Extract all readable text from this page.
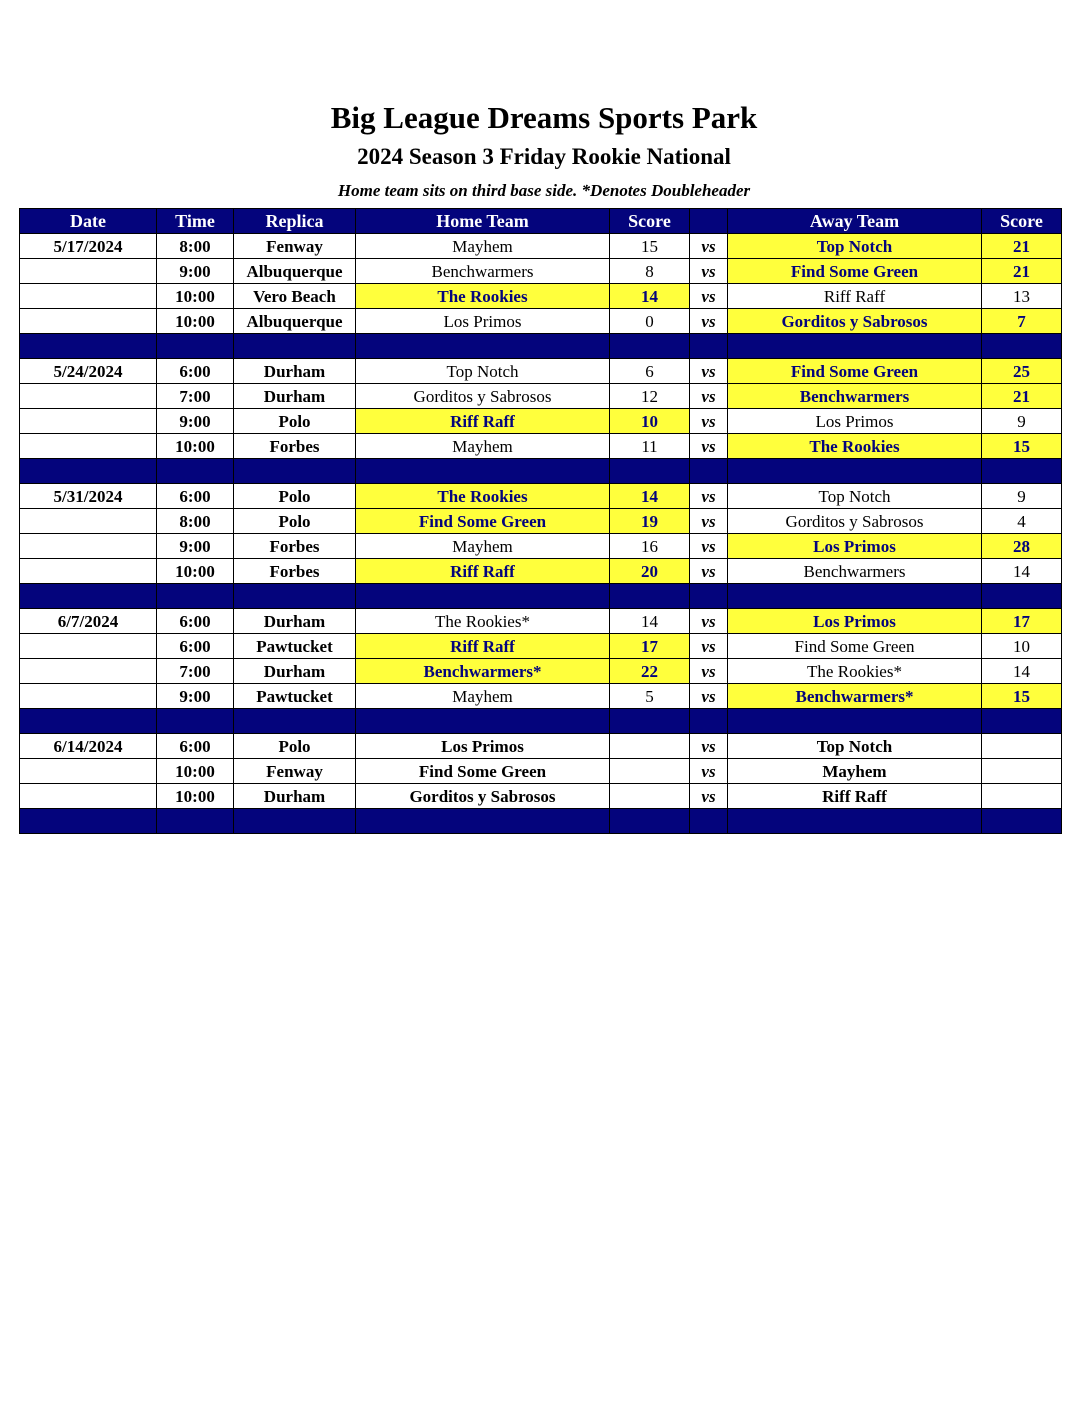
Big League Dreams Sports Park
2024 Season 3 Friday Rookie National
Home team sits on third base side. *Denotes Doubleheader
Date	Time	Replica	Home Team	Score		Away Team	Score
5/17/2024	8:00	Fenway	Mayhem	15	vs	Top Notch	21
	9:00	Albuquerque	Benchwarmers	8	vs	Find Some Green	21
	10:00	Vero Beach	The Rookies	14	vs	Riff Raff	13
	10:00	Albuquerque	Los Primos	0	vs	Gorditos y Sabrosos	7

5/24/2024	6:00	Durham	Top Notch	6	vs	Find Some Green	25
	7:00	Durham	Gorditos y Sabrosos	12	vs	Benchwarmers	21
	9:00	Polo	Riff Raff	10	vs	Los Primos	9
	10:00	Forbes	Mayhem	11	vs	The Rookies	15

5/31/2024	6:00	Polo	The Rookies	14	vs	Top Notch	9
	8:00	Polo	Find Some Green	19	vs	Gorditos y Sabrosos	4
	9:00	Forbes	Mayhem	16	vs	Los Primos	28
	10:00	Forbes	Riff Raff	20	vs	Benchwarmers	14

6/7/2024	6:00	Durham	The Rookies*	14	vs	Los Primos	17
	6:00	Pawtucket	Riff Raff	17	vs	Find Some Green	10
	7:00	Durham	Benchwarmers*	22	vs	The Rookies*	14
	9:00	Pawtucket	Mayhem	5	vs	Benchwarmers*	15

6/14/2024	6:00	Polo	Los Primos		vs	Top Notch	
	10:00	Fenway	Find Some Green		vs	Mayhem	
	10:00	Durham	Gorditos y Sabrosos		vs	Riff Raff	
